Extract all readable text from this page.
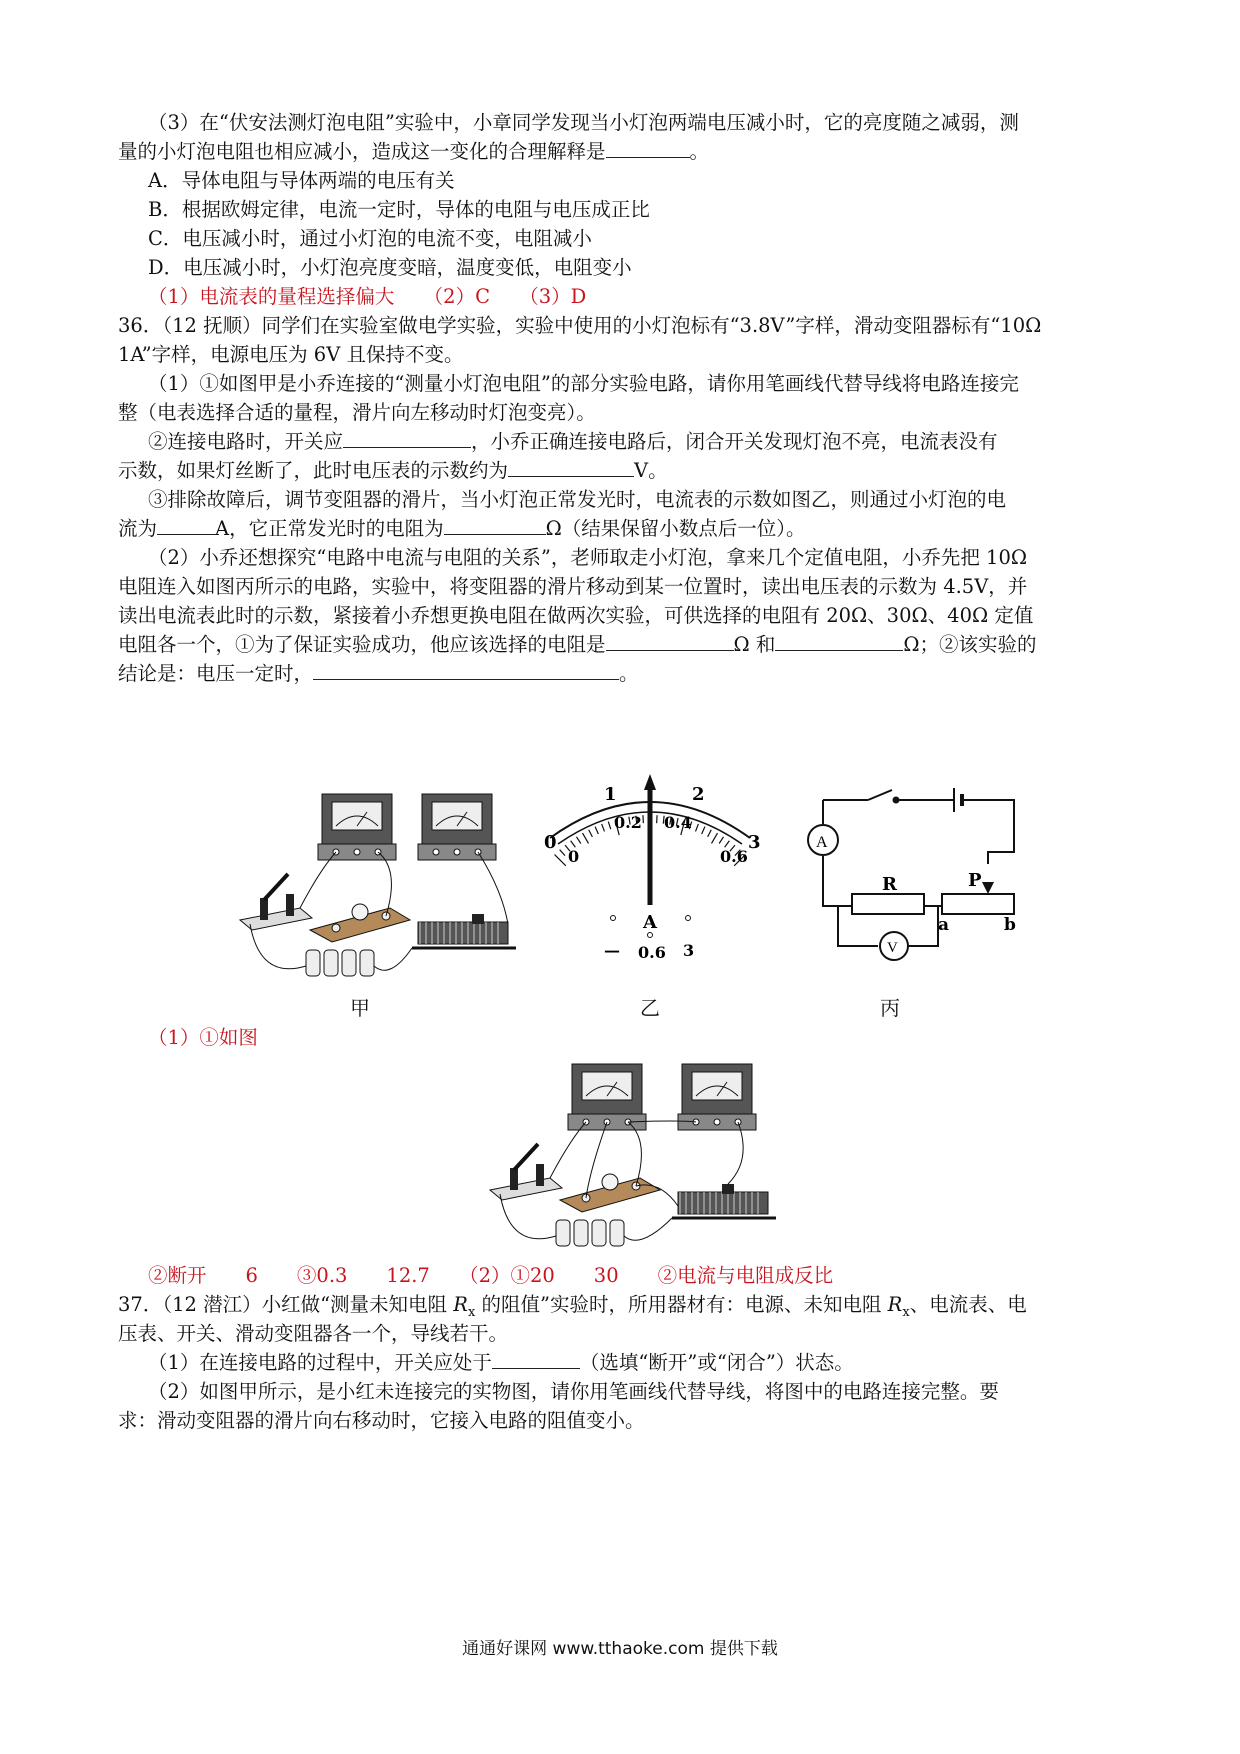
（3）在“伏安法测灯泡电阻”实验中，小章同学发现当小灯泡两端电压减小时，它的亮度随之减弱，测
量的小灯泡电阻也相应减小，造成这一变化的合理解释是	。
A．导体电阻与导体两端的电压有关
B．根据欧姆定律，电流一定时，导体的电阻与电压成正比
C．电压减小时，通过小灯泡的电流不变，电阻减小
D．电压减小时，小灯泡亮度变暗，温度变低，电阻变小
（1）电流表的量程选择偏大　　（2）C　　（3）D
36．（12 抚顺）同学们在实验室做电学实验，实验中使用的小灯泡标有“3.8V”字样，滑动变阻器标有“10Ω
1A”字样，电源电压为 6V 且保持不变。
（1）①如图甲是小乔连接的“测量小灯泡电阻”的部分实验电路，请你用笔画线代替导线将电路连接完
整（电表选择合适的量程，滑片向左移动时灯泡变亮）。
②连接电路时，开关应	，小乔正确连接电路后，闭合开关发现灯泡不亮，电流表没有
示数，如果灯丝断了，此时电压表的示数约为	V。
③排除故障后，调节变阻器的滑片，当小灯泡正常发光时，电流表的示数如图乙，则通过小灯泡的电
流为	A，它正常发光时的电阻为	Ω（结果保留小数点后一位）。
（2）小乔还想探究“电路中电流与电阻的关系”，老师取走小灯泡，拿来几个定值电阻，小乔先把 10Ω
电阻连入如图丙所示的电路，实验中，将变阻器的滑片移动到某一位置时，读出电压表的示数为 4.5V，并
读出电流表此时的示数，紧接着小乔想更换电阻在做两次实验，可供选择的电阻有 20Ω、30Ω、40Ω 定值
电阻各一个，①为了保证实验成功，他应该选择的电阻是	Ω 和	Ω；②该实验的
结论是：电压一定时，	。
0
1	2
3
0
0.2 0.4
0.6
A
— 0.6 3
A
V
R	P
a	b
甲	乙	丙
（1）①如图
②断开　　6　　③0.3　　12.7　　（2）①20　　30　　②电流与电阻成反比
37．（12 潜江）小红做“测量未知电阻 $R_x$ 的阻值”实验时，所用器材有：电源、未知电阻 $R_x$、电流表、电
压表、开关、滑动变阻器各一个，导线若干。
（1）在连接电路的过程中，开关应处于	（选填“断开”或“闭合”）状态。
（2）如图甲所示，是小红未连接完的实物图，请你用笔画线代替导线，将图中的电路连接完整。要
求：滑动变阻器的滑片向右移动时，它接入电路的阻值变小。
通通好课网 www.tthaoke.com 提供下载
